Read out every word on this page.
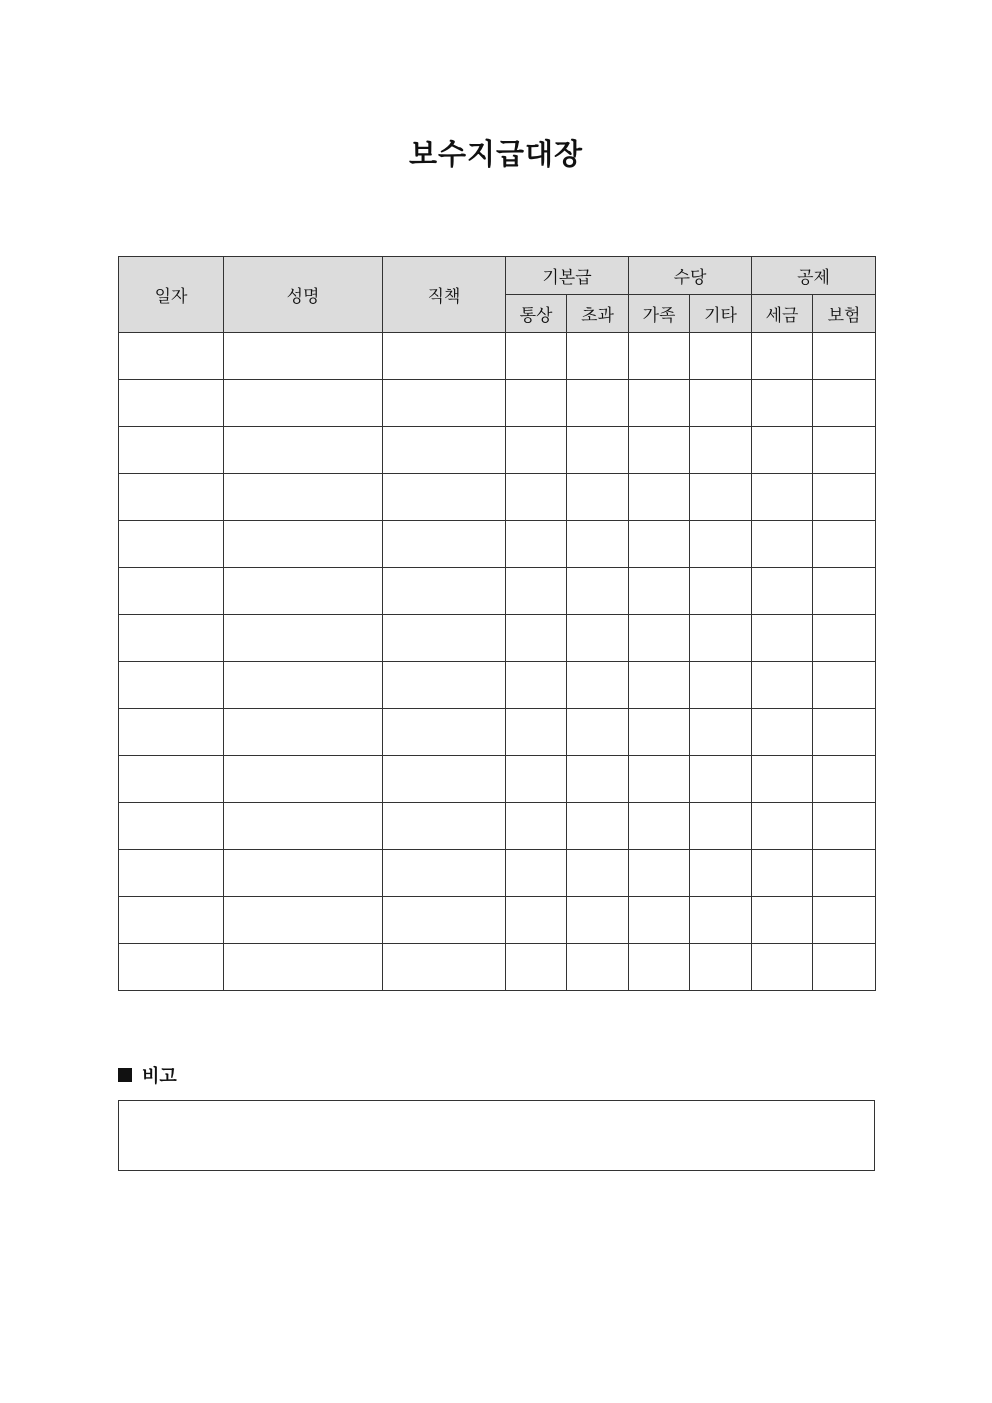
보수지급대장
일자	성명	직책	기본급		수당		공제	
			통상	초과	가족	기타	세금	보험

비고
